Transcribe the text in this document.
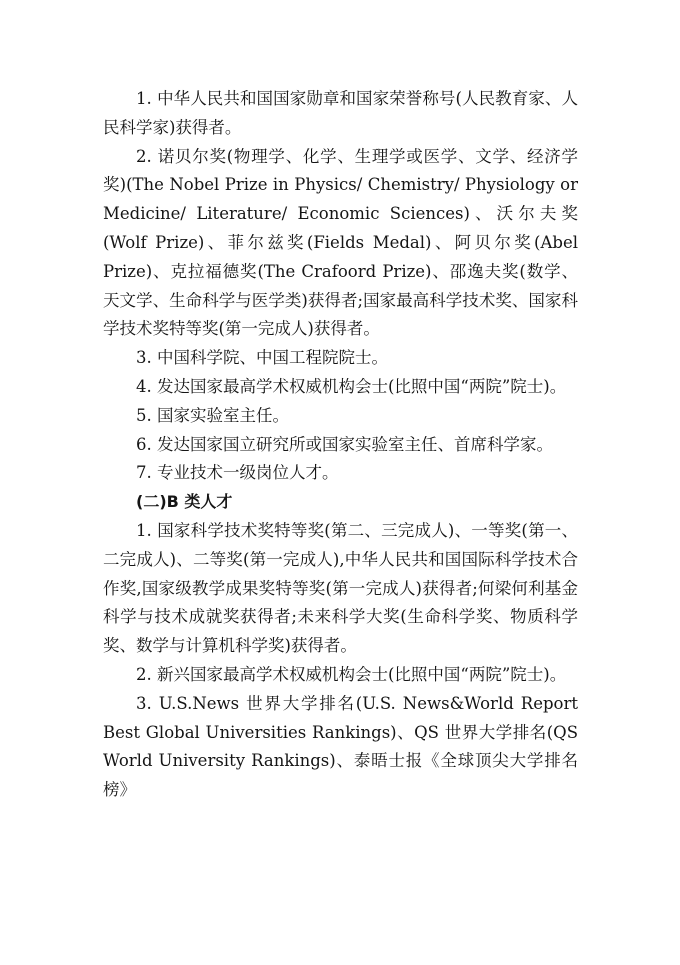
1. 中华人民共和国国家勋章和国家荣誉称号(人民教育家、人民科学家)获得者。

2. 诺贝尔奖(物理学、化学、生理学或医学、文学、经济学奖)(The Nobel Prize in Physics/ Chemistry/ Physiology or Medicine/ Literature/ Economic Sciences)、沃尔夫奖(Wolf Prize)、菲尔兹奖(Fields Medal)、阿贝尔奖(Abel Prize)、克拉福德奖(The Crafoord Prize)、邵逸夫奖(数学、天文学、生命科学与医学类)获得者;国家最高科学技术奖、国家科学技术奖特等奖(第一完成人)获得者。

3. 中国科学院、中国工程院院士。

4. 发达国家最高学术权威机构会士(比照中国“两院”院士)。

5. 国家实验室主任。

6. 发达国家国立研究所或国家实验室主任、首席科学家。

7. 专业技术一级岗位人才。

(二)B 类人才

1. 国家科学技术奖特等奖(第二、三完成人)、一等奖(第一、二完成人)、二等奖(第一完成人),中华人民共和国国际科学技术合作奖,国家级教学成果奖特等奖(第一完成人)获得者;何梁何利基金科学与技术成就奖获得者;未来科学大奖(生命科学奖、物质科学奖、数学与计算机科学奖)获得者。

2. 新兴国家最高学术权威机构会士(比照中国“两院”院士)。

3. U.S.News 世界大学排名(U.S. News&World Report Best Global Universities Rankings)、QS 世界大学排名(QS World University Rankings)、泰晤士报《全球顶尖大学排名榜》
